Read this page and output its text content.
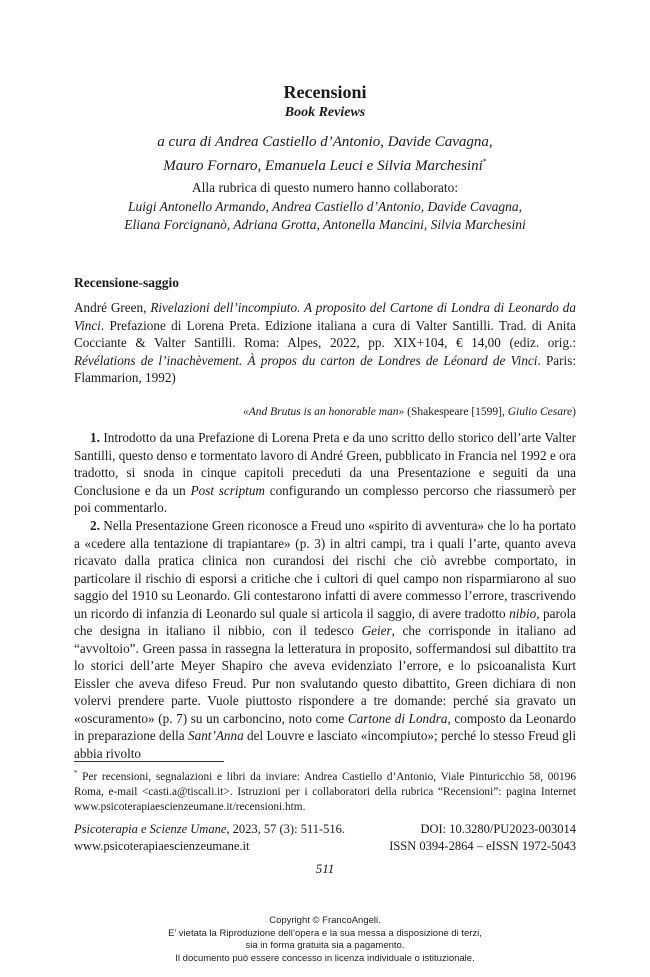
Recensioni
Book Reviews
a cura di Andrea Castiello d’Antonio, Davide Cavagna,
Mauro Fornaro, Emanuela Leuci e Silvia Marchesini*
Alla rubrica di questo numero hanno collaborato:
Luigi Antonello Armando, Andrea Castiello d’Antonio, Davide Cavagna,
Eliana Forcignanò, Adriana Grotta, Antonella Mancini, Silvia Marchesini
Recensione-saggio
André Green, Rivelazioni dell’incompiuto. A proposito del Cartone di Londra di Leonardo da Vinci. Prefazione di Lorena Preta. Edizione italiana a cura di Valter Santilli. Trad. di Anita Cocciante & Valter Santilli. Roma: Alpes, 2022, pp. XIX+104, € 14,00 (ediz. orig.: Révélations de l’inachèvement. À propos du carton de Londres de Léonard de Vinci. Paris: Flammarion, 1992)
«And Brutus is an honorable man» (Shakespeare [1599], Giulio Cesare)
1. Introdotto da una Prefazione di Lorena Preta e da uno scritto dello storico dell’arte Valter Santilli, questo denso e tormentato lavoro di André Green, pubblicato in Francia nel 1992 e ora tradotto, si snoda in cinque capitoli preceduti da una Presentazione e seguiti da una Conclusione e da un Post scriptum configurando un complesso percorso che riassumerò per poi commentarlo.
2. Nella Presentazione Green riconosce a Freud uno «spirito di avventura» che lo ha portato a «cedere alla tentazione di trapiantare» (p. 3) in altri campi, tra i quali l’arte, quanto aveva ricavato dalla pratica clinica non curandosi dei rischi che ciò avrebbe comportato, in particolare il rischio di esporsi a critiche che i cultori di quel campo non risparmiarono al suo saggio del 1910 su Leonardo. Gli contestarono infatti di avere commesso l’errore, trascrivendo un ricordo di infanzia di Leonardo sul quale si articola il saggio, di avere tradotto nibio, parola che designa in italiano il nibbio, con il tedesco Geier, che corrisponde in italiano ad “avvoltoio”. Green passa in rassegna la letteratura in proposito, soffermandosi sul dibattito tra lo storici dell’arte Meyer Shapiro che aveva evidenziato l’errore, e lo psicoanalista Kurt Eissler che aveva difeso Freud. Pur non svalutando questo dibattito, Green dichiara di non volervi prendere parte. Vuole piuttosto rispondere a tre domande: perché sia gravato un «oscuramento» (p. 7) su un carboncino, noto come Cartone di Londra, composto da Leonardo in preparazione della Sant’Anna del Louvre e lasciato «incompiuto»; perché lo stesso Freud gli abbia rivolto
* Per recensioni, segnalazioni e libri da inviare: Andrea Castiello d’Antonio, Viale Pinturicchio 58, 00196 Roma, e-mail <casti.a@tiscali.it>. Istruzioni per i collaboratori della rubrica “Recensioni”: pagina Internet www.psicoterapiaescienzeumane.it/recensioni.htm.
Psicoterapia e Scienze Umane, 2023, 57 (3): 511-516.
www.psicoterapiaescienzeumane.it
DOI: 10.3280/PU2023-003014
ISSN 0394-2864 – eISSN 1972-5043
511
Copyright © FrancoAngeli.
E’ vietata la Riproduzione dell’opera e la sua messa a disposizione di terzi,
sia in forma gratuita sia a pagamento.
Il documento può essere concesso in licenza individuale o istituzionale.
